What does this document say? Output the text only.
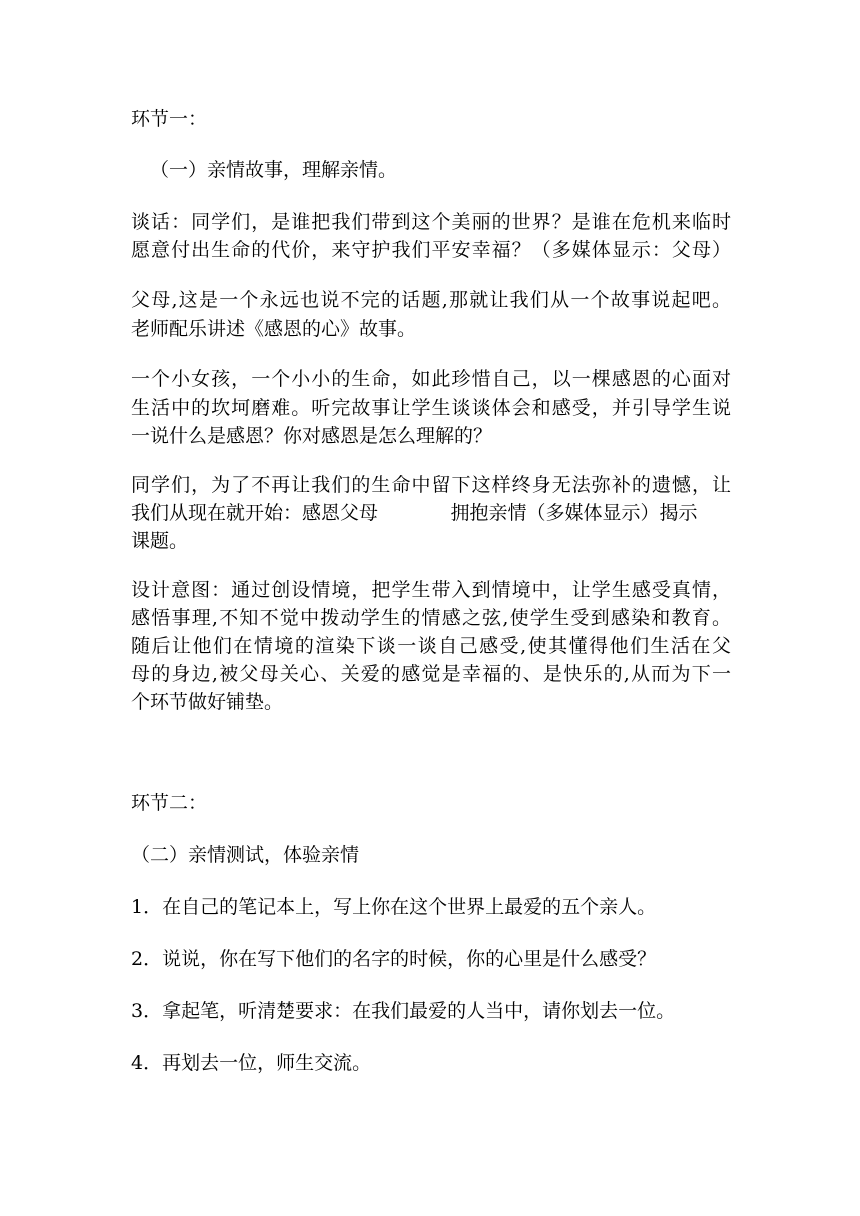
环节一：
（一）亲情故事，理解亲情。
谈话：同学们，是谁把我们带到这个美丽的世界？是谁在危机来临时
愿意付出生命的代价，来守护我们平安幸福？（多媒体显示：父母）
父母,这是一个永远也说不完的话题,那就让我们从一个故事说起吧。
老师配乐讲述《感恩的心》故事。
一个小女孩，一个小小的生命，如此珍惜自己，以一棵感恩的心面对
生活中的坎坷磨难。听完故事让学生谈谈体会和感受，并引导学生说
一说什么是感恩？你对感恩是怎么理解的？
同学们，为了不再让我们的生命中留下这样终身无法弥补的遗憾，让
我们从现在就开始：感恩父母            拥抱亲情（多媒体显示）揭示
课题。
设计意图：通过创设情境，把学生带入到情境中，让学生感受真情，
感悟事理,不知不觉中拨动学生的情感之弦,使学生受到感染和教育。
随后让他们在情境的渲染下谈一谈自己感受,使其懂得他们生活在父
母的身边,被父母关心、关爱的感觉是幸福的、是快乐的,从而为下一
个环节做好铺垫。
环节二：
（二）亲情测试，体验亲情
1．在自己的笔记本上，写上你在这个世界上最爱的五个亲人。
2．说说，你在写下他们的名字的时候，你的心里是什么感受？
3．拿起笔，听清楚要求：在我们最爱的人当中，请你划去一位。
4．再划去一位，师生交流。
